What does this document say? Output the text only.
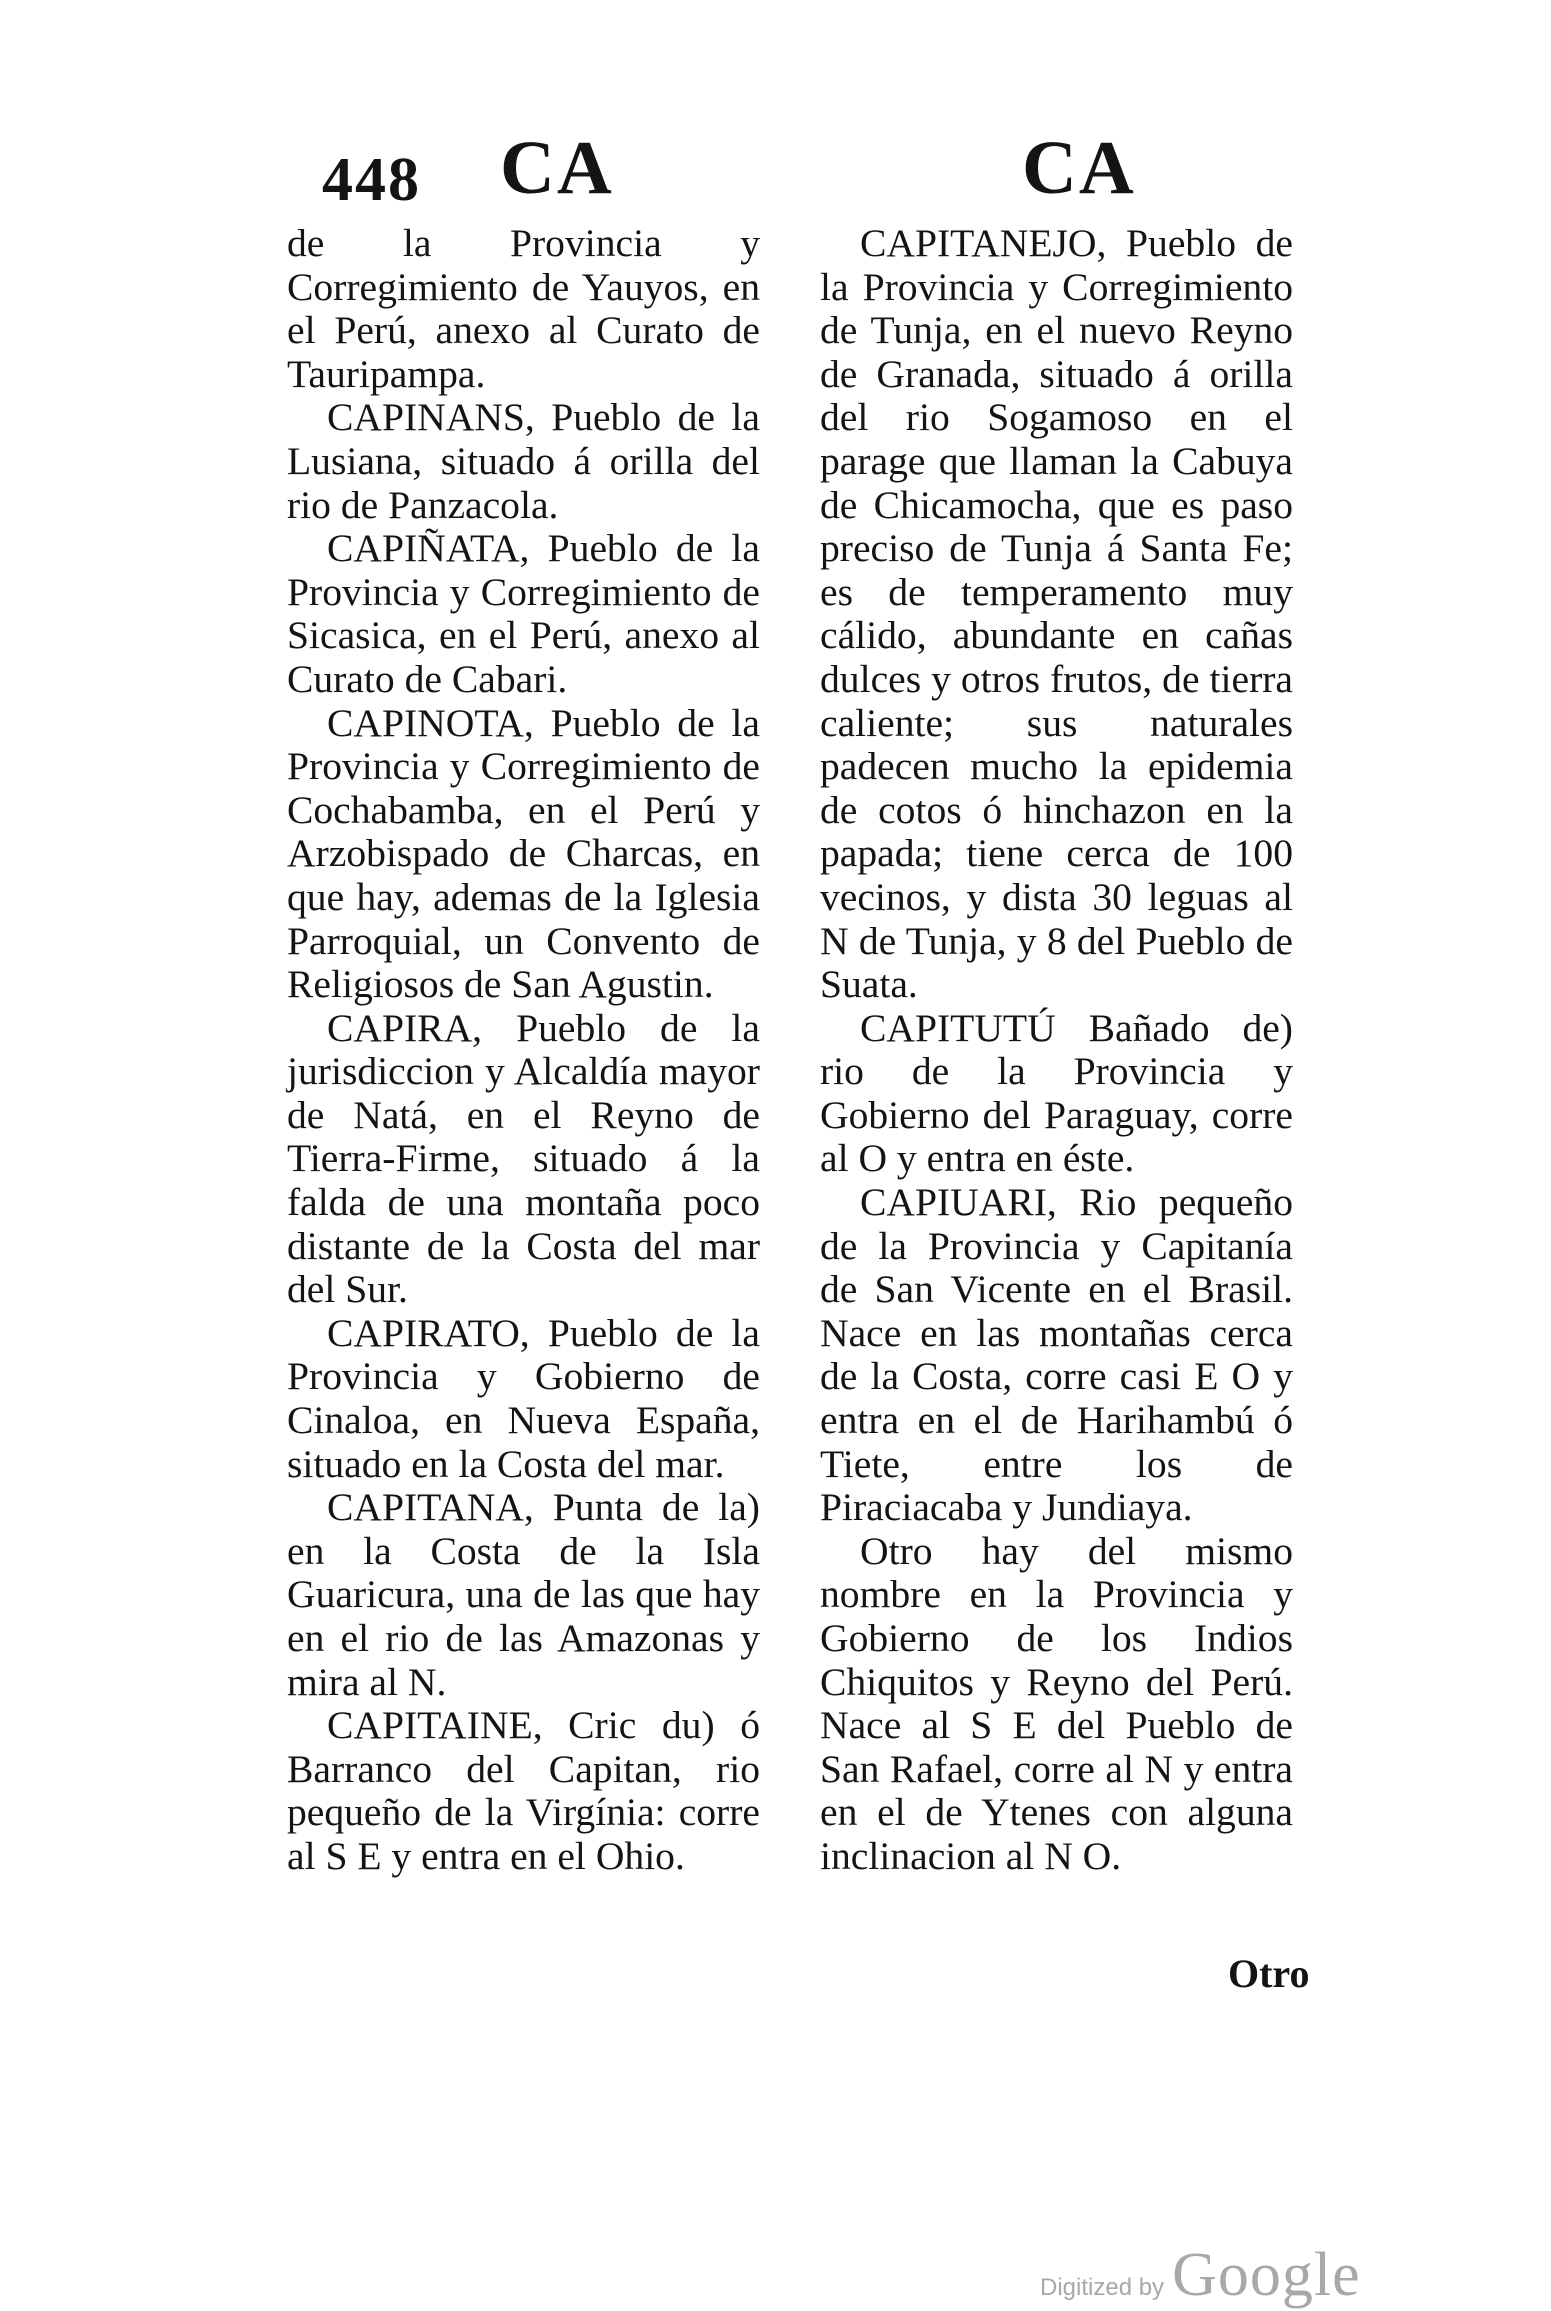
448 CA	CA

de la Provincia y Corregimiento de Yauyos, en el Perú, anexo al Curato de Tauripampa.

CAPINANS, Pueblo de la Lusiana, situado á orilla del rio de Panzacola.

CAPIÑATA, Pueblo de la Provincia y Corregimiento de Sicasica, en el Perú, anexo al Curato de Cabari.

CAPINOTA, Pueblo de la Provincia y Corregimiento de Cochabamba, en el Perú y Arzobispado de Charcas, en que hay, ademas de la Iglesia Parroquial, un Convento de Religiosos de San Agustin.

CAPIRA, Pueblo de la jurisdiccion y Alcaldía mayor de Natá, en el Reyno de Tierra-Firme, situado á la falda de una montaña poco distante de la Costa del mar del Sur.

CAPIRATO, Pueblo de la Provincia y Gobierno de Cinaloa, en Nueva España, situado en la Costa del mar.

CAPITANA, Punta de la) en la Costa de la Isla Guaricura, una de las que hay en el rio de las Amazonas y mira al N.

CAPITAINE, Cric du) ó Barranco del Capitan, rio pequeño de la Virgínia: corre al S E y entra en el Ohio.

CAPITANEJO, Pueblo de la Provincia y Corregimiento de Tunja, en el nuevo Reyno de Granada, situado á orilla del rio Sogamoso en el parage que llaman la Cabuya de Chicamocha, que es paso preciso de Tunja á Santa Fe; es de temperamento muy cálido, abundante en cañas dulces y otros frutos, de tierra caliente; sus naturales padecen mucho la epidemia de cotos ó hinchazon en la papada; tiene cerca de 100 vecinos, y dista 30 leguas al N de Tunja, y 8 del Pueblo de Suata.

CAPITUTÚ Bañado de) rio de la Provincia y Gobierno del Paraguay, corre al O y entra en éste.

CAPIUARI, Rio pequeño de la Provincia y Capitanía de San Vicente en el Brasil. Nace en las montañas cerca de la Costa, corre casi E O y entra en el de Harihambú ó Tiete, entre los de Piraciacaba y Jundiaya.

Otro hay del mismo nombre en la Provincia y Gobierno de los Indios Chiquitos y Reyno del Perú. Nace al S E del Pueblo de San Rafael, corre al N y entra en el de Ytenes con alguna inclinacion al N O.

Otro
Digitized by Google
